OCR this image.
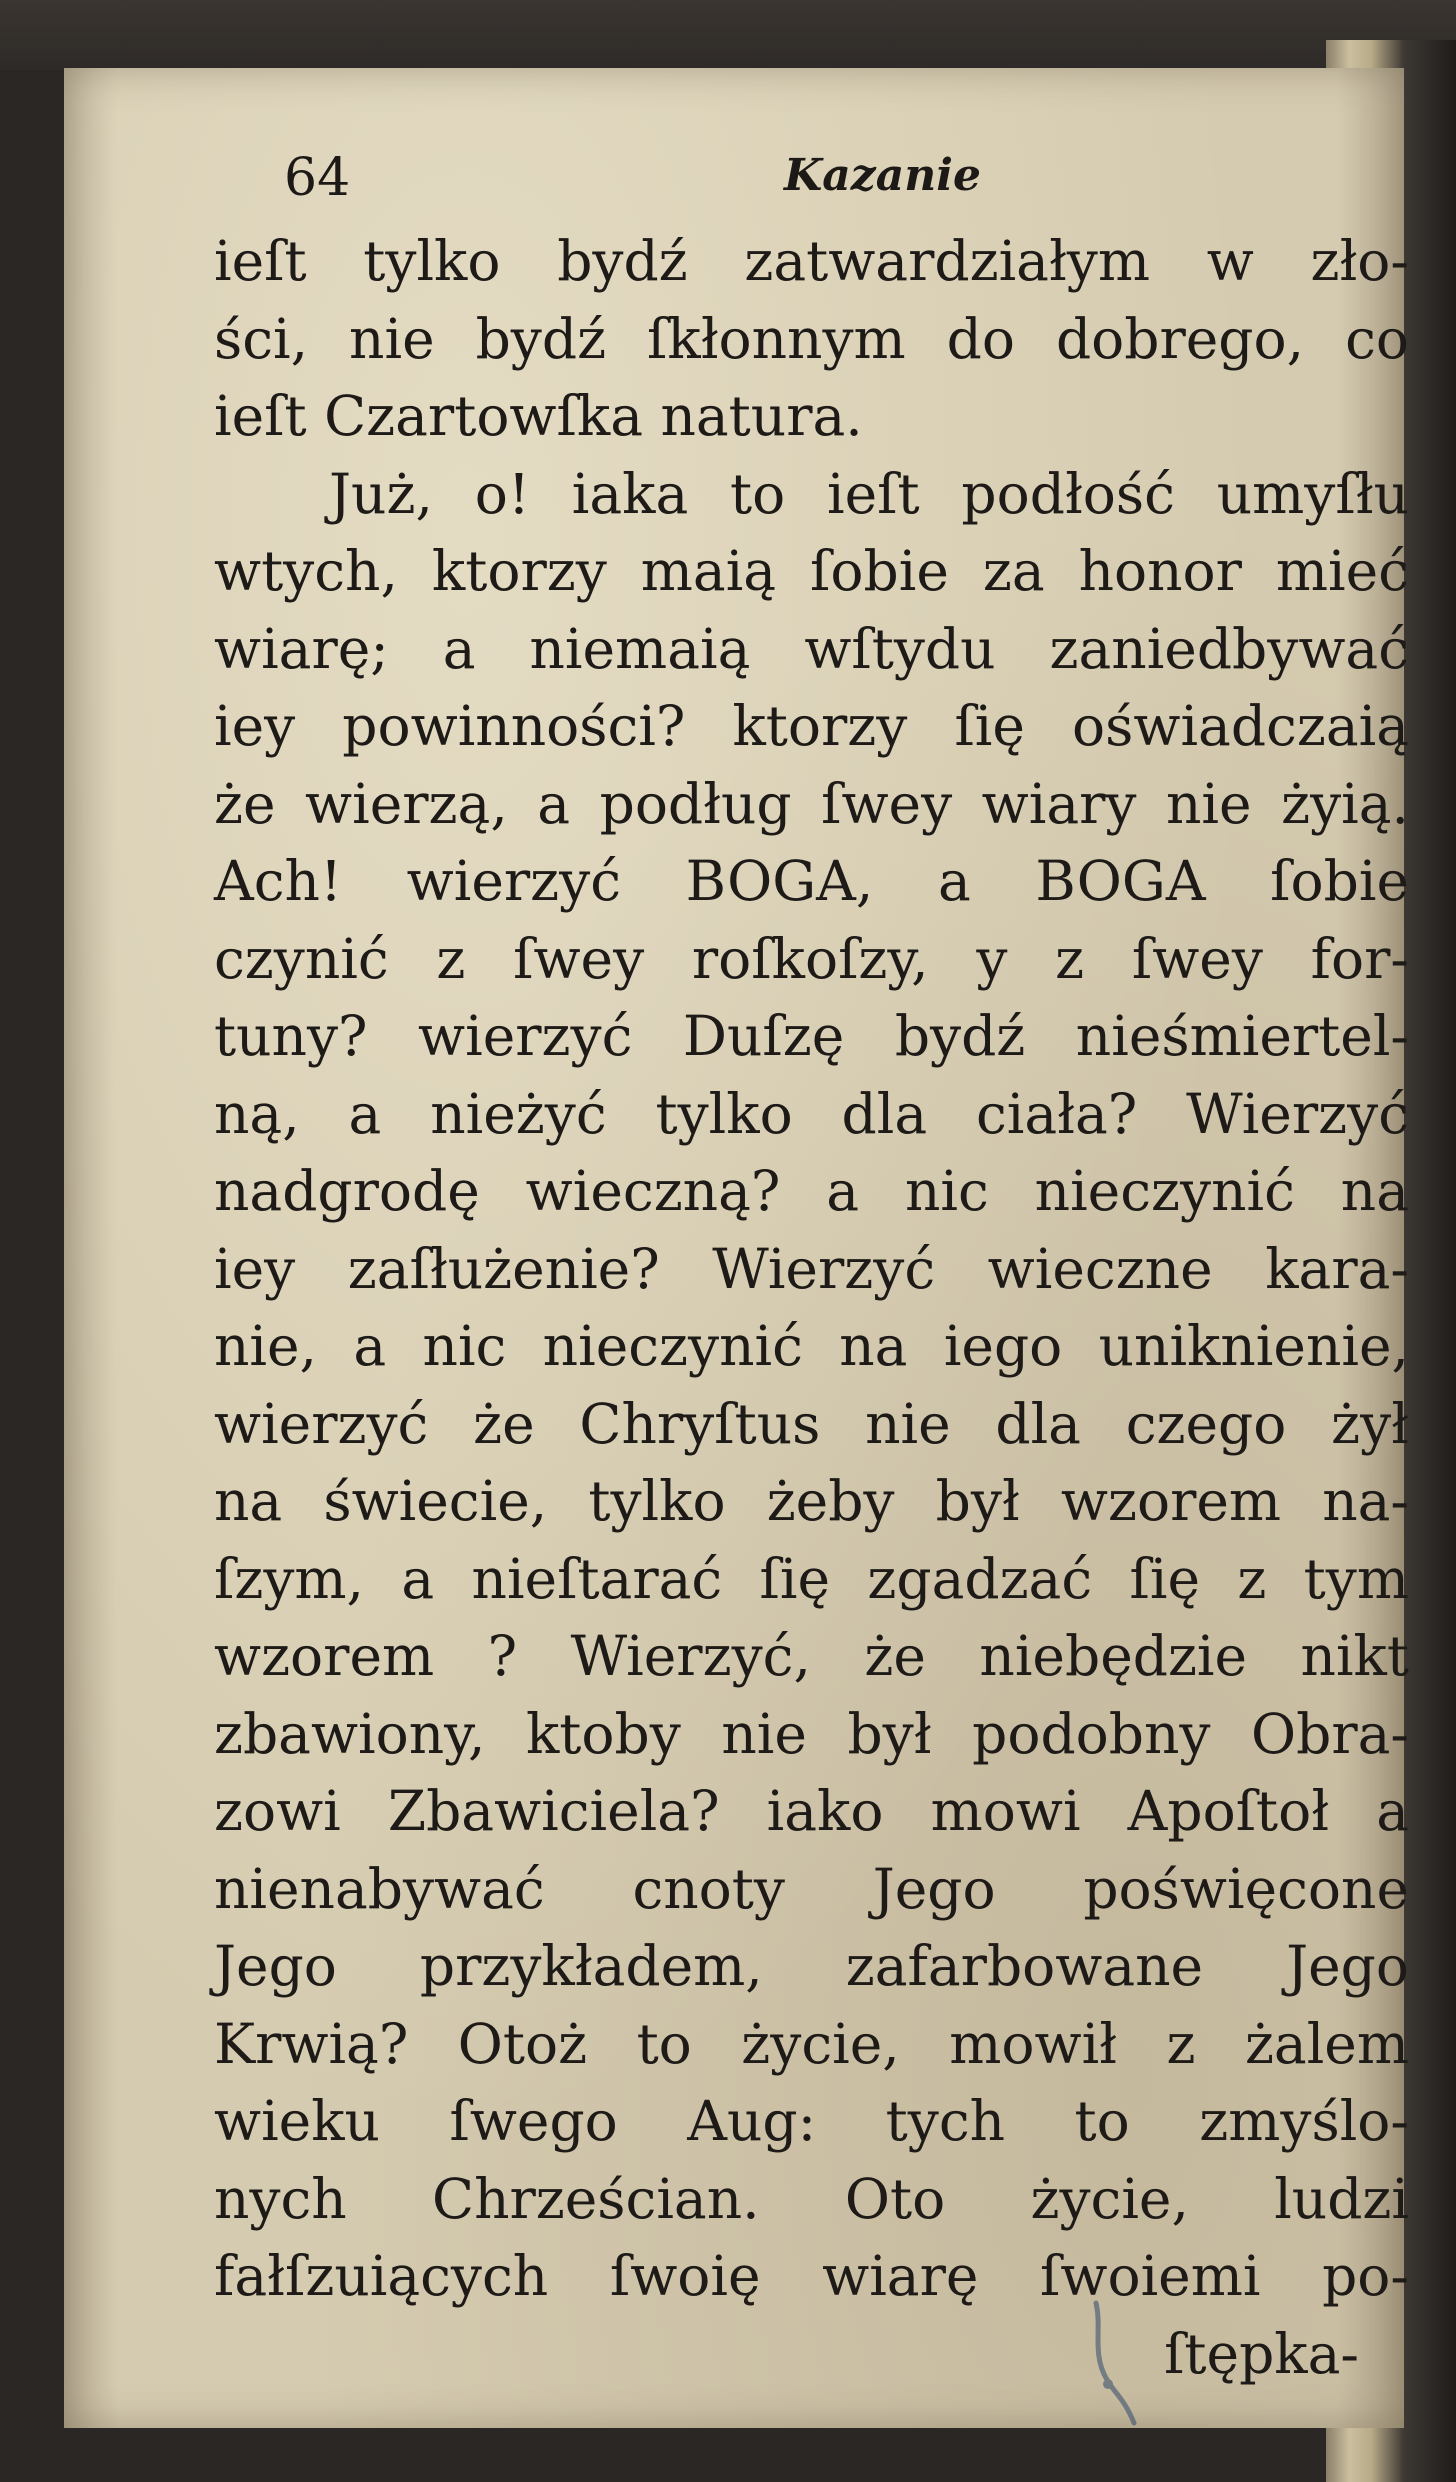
64	Kazanie
ieſt tylko bydź zatwardziałym w zło-
ści, nie bydź ſkłonnym do dobrego, co
ieſt Czartowſka natura.
Już, o! iaka to ieſt podłość umyſłu
wtych, ktorzy maią ſobie za honor mieć
wiarę; a niemaią wſtydu zaniedbywać
iey powinności? ktorzy ſię oświadczaią
że wierzą, a podług ſwey wiary nie żyią.
Ach! wierzyć BOGA, a BOGA ſobie
czynić z ſwey roſkoſzy, y z ſwey for-
tuny? wierzyć Duſzę bydź nieśmiertel-
ną, a nieżyć tylko dla ciała? Wierzyć
nadgrodę wieczną? a nic nieczynić na
iey zaſłużenie? Wierzyć wieczne kara-
nie, a nic nieczynić na iego uniknienie,
wierzyć że Chryſtus nie dla czego żył
na świecie, tylko żeby był wzorem na-
ſzym, a nieſtarać ſię zgadzać ſię z tym
wzorem ? Wierzyć, że niebędzie nikt
zbawiony, ktoby nie był podobny Obra-
zowi Zbawiciela? iako mowi Apoſtoł a
nienabywać cnoty Jego poświęcone
Jego przykładem, zafarbowane Jego
Krwią? Otoż to życie, mowił z żalem
wieku ſwego Aug: tych to zmyślo-
nych Chrześcian. Oto życie, ludzi
fałſzuiących ſwoię wiarę ſwoiemi po-
ſtępka-
